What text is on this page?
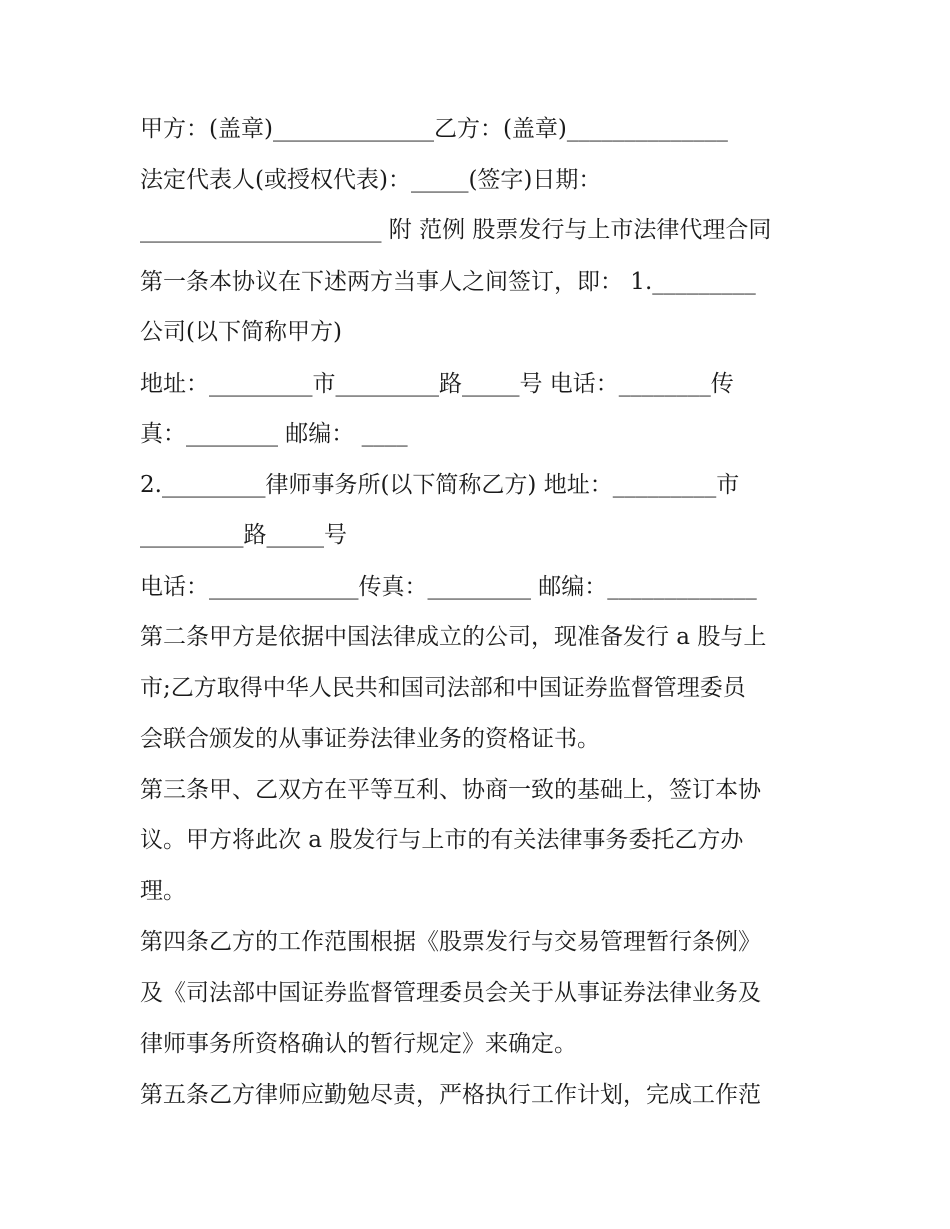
甲方：(盖章)______________乙方：(盖章)______________
法定代表人(或授权代表)：_____(签字)日期：
_____________________ 附 范例 股票发行与上市法律代理合同
第一条本协议在下述两方当事人之间签订，即： 1._________
公司(以下简称甲方)
地址：_________市_________路_____号 电话：________传
真：________ 邮编： ____
2._________律师事务所(以下简称乙方) 地址：_________市
_________路_____号
电话：_____________传真：_________ 邮编：_____________
第二条甲方是依据中国法律成立的公司，现准备发行 a 股与上
市;乙方取得中华人民共和国司法部和中国证券监督管理委员
会联合颁发的从事证券法律业务的资格证书。
第三条甲、乙双方在平等互利、协商一致的基础上，签订本协
议。甲方将此次 a 股发行与上市的有关法律事务委托乙方办
理。
第四条乙方的工作范围根据《股票发行与交易管理暂行条例》
及《司法部中国证券监督管理委员会关于从事证券法律业务及
律师事务所资格确认的暂行规定》来确定。
第五条乙方律师应勤勉尽责，严格执行工作计划，完成工作范
